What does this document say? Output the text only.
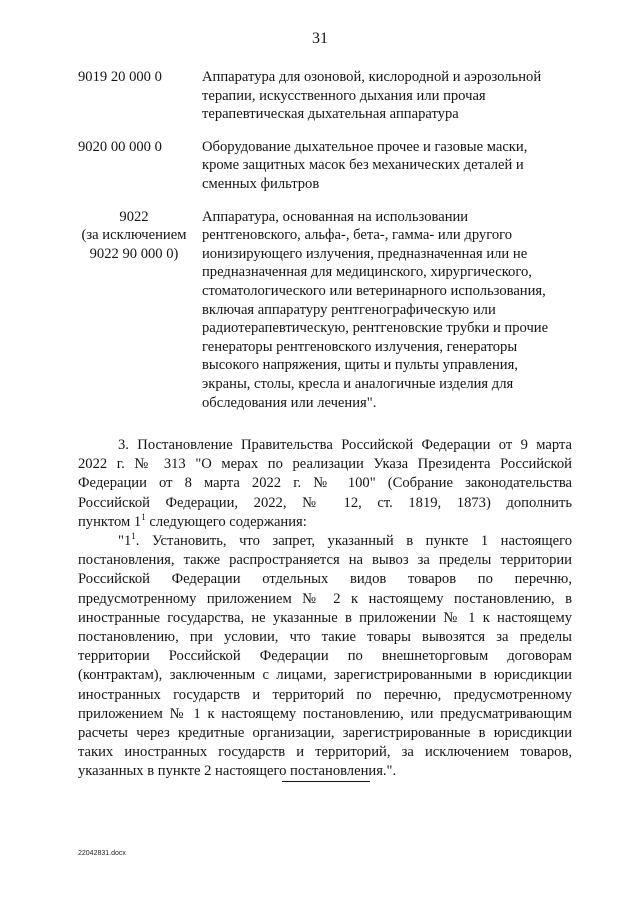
31
9019 20 000 0	Аппаратура для озоновой, кислородной и аэрозольной
терапии, искусственного дыхания или прочая
терапевтическая дыхательная аппаратура
9020 00 000 0	Оборудование дыхательное прочее и газовые маски,
кроме защитных масок без механических деталей и
сменных фильтров
9022
(за исключением
9022 90 000 0)
Аппаратура, основанная на использовании
рентгеновского, альфа-, бета-, гамма- или другого
ионизирующего излучения, предназначенная или не
предназначенная для медицинского, хирургического,
стоматологического или ветеринарного использования,
включая аппаратуру рентгенографическую или
радиотерапевтическую, рентгеновские трубки и прочие
генераторы рентгеновского излучения, генераторы
высокого напряжения, щиты и пульты управления,
экраны, столы, кресла и аналогичные изделия для
обследования или лечения".
3. Постановление Правительства Российской Федерации от 9 марта
2022 г. № 313 "О мерах по реализации Указа Президента Российской
Федерации от 8 марта 2022 г. № 100" (Собрание законодательства
Российской Федерации, 2022, № 12, ст. 1819, 1873) дополнить
пунктом $1^1$ следующего содержания:
"$1^1$. Установить, что запрет, указанный в пункте 1 настоящего
постановления, также распространяется на вывоз за пределы территории
Российской Федерации отдельных видов товаров по перечню,
предусмотренному приложением № 2 к настоящему постановлению, в
иностранные государства, не указанные в приложении № 1 к настоящему
постановлению, при условии, что такие товары вывозятся за пределы
территории Российской Федерации по внешнеторговым договорам
(контрактам), заключенным с лицами, зарегистрированными в юрисдикции
иностранных государств и территорий по перечню, предусмотренному
приложением № 1 к настоящему постановлению, или предусматривающим
расчеты через кредитные организации, зарегистрированные в юрисдикции
таких иностранных государств и территорий, за исключением товаров,
указанных в пункте 2 настоящего постановления.".
22042831.docx
